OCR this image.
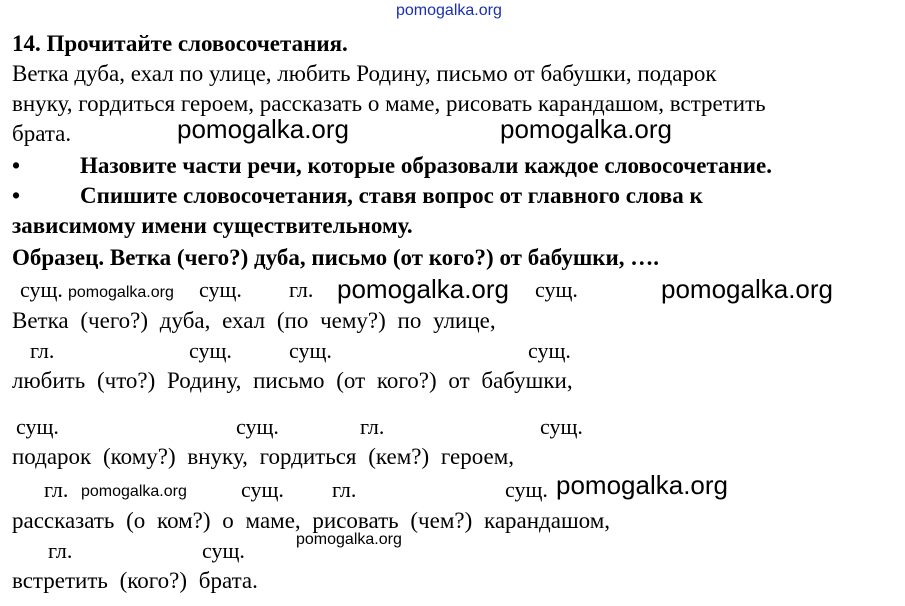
pomogalka.org
pomogalka.org	pomogalka.org
pomogalka.org	pomogalka.org	pomogalka.org
pomogalka.org	pomogalka.org
pomogalka.org
14. Прочитайте словосочетания.
Ветка дуба, ехал по улице, любить Родину, письмо от бабушки, подарок
внуку, гордиться героем, рассказать о маме, рисовать карандашом, встретить
брата.
•	Назовите части речи, которые образовали каждое словосочетание.
•	Спишите словосочетания, ставя вопрос от главного слова к
зависимому имени существительному.
Образец. Ветка (чего?) дуба, письмо (от кого?) от бабушки, ….
сущ.	сущ. гл.	сущ.
Ветка (чего?) дуба, ехал (по чему?) по улице,
гл.	сущ.	сущ.	сущ.
любить (что?) Родину, письмо (от кого?) от бабушки,
сущ.	сущ.	гл.	сущ.
подарок (кому?) внуку, гордиться (кем?) героем,
гл.	сущ. гл.	сущ.
рассказать (о ком?) о маме, рисовать (чем?) карандашом,
гл.	сущ.
встретить (кого?) брата.
